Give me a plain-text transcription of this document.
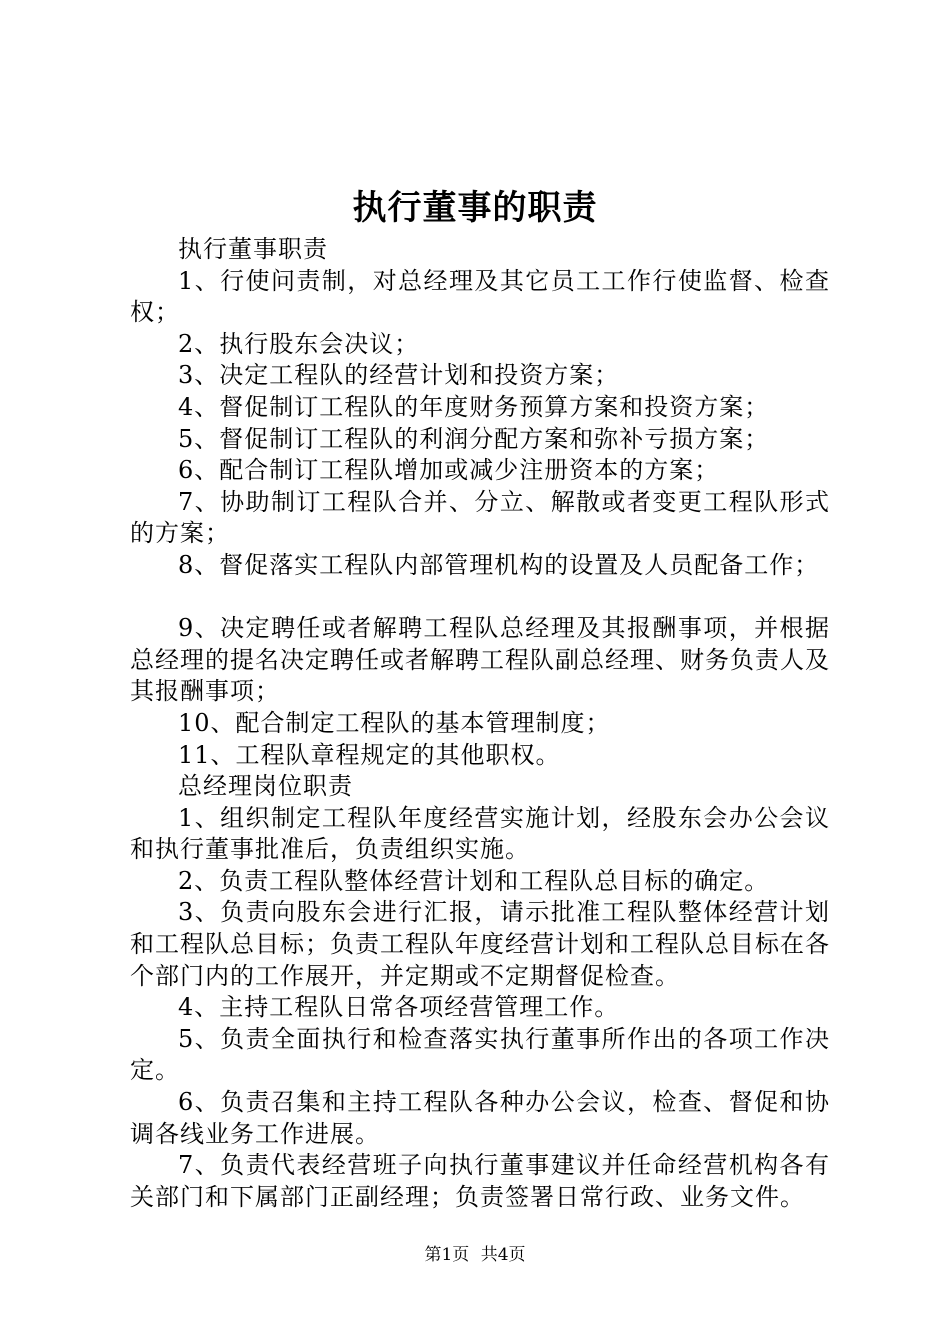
执行董事的职责

执行董事职责

1、行使问责制，对总经理及其它员工工作行使监督、检查权；

2、执行股东会决议；

3、决定工程队的经营计划和投资方案；

4、督促制订工程队的年度财务预算方案和投资方案；

5、督促制订工程队的利润分配方案和弥补亏损方案；

6、配合制订工程队增加或减少注册资本的方案；

7、协助制订工程队合并、分立、解散或者变更工程队形式的方案；

8、督促落实工程队内部管理机构的设置及人员配备工作；

9、决定聘任或者解聘工程队总经理及其报酬事项，并根据总经理的提名决定聘任或者解聘工程队副总经理、财务负责人及其报酬事项；

10、配合制定工程队的基本管理制度；

11、工程队章程规定的其他职权。

总经理岗位职责

1、组织制定工程队年度经营实施计划，经股东会办公会议和执行董事批准后，负责组织实施。

2、负责工程队整体经营计划和工程队总目标的确定。

3、负责向股东会进行汇报，请示批准工程队整体经营计划和工程队总目标；负责工程队年度经营计划和工程队总目标在各个部门内的工作展开，并定期或不定期督促检查。

4、主持工程队日常各项经营管理工作。

5、负责全面执行和检查落实执行董事所作出的各项工作决定。

6、负责召集和主持工程队各种办公会议，检查、督促和协调各线业务工作进展。

7、负责代表经营班子向执行董事建议并任命经营机构各有关部门和下属部门正副经理；负责签署日常行政、业务文件。

第1页 共4页
